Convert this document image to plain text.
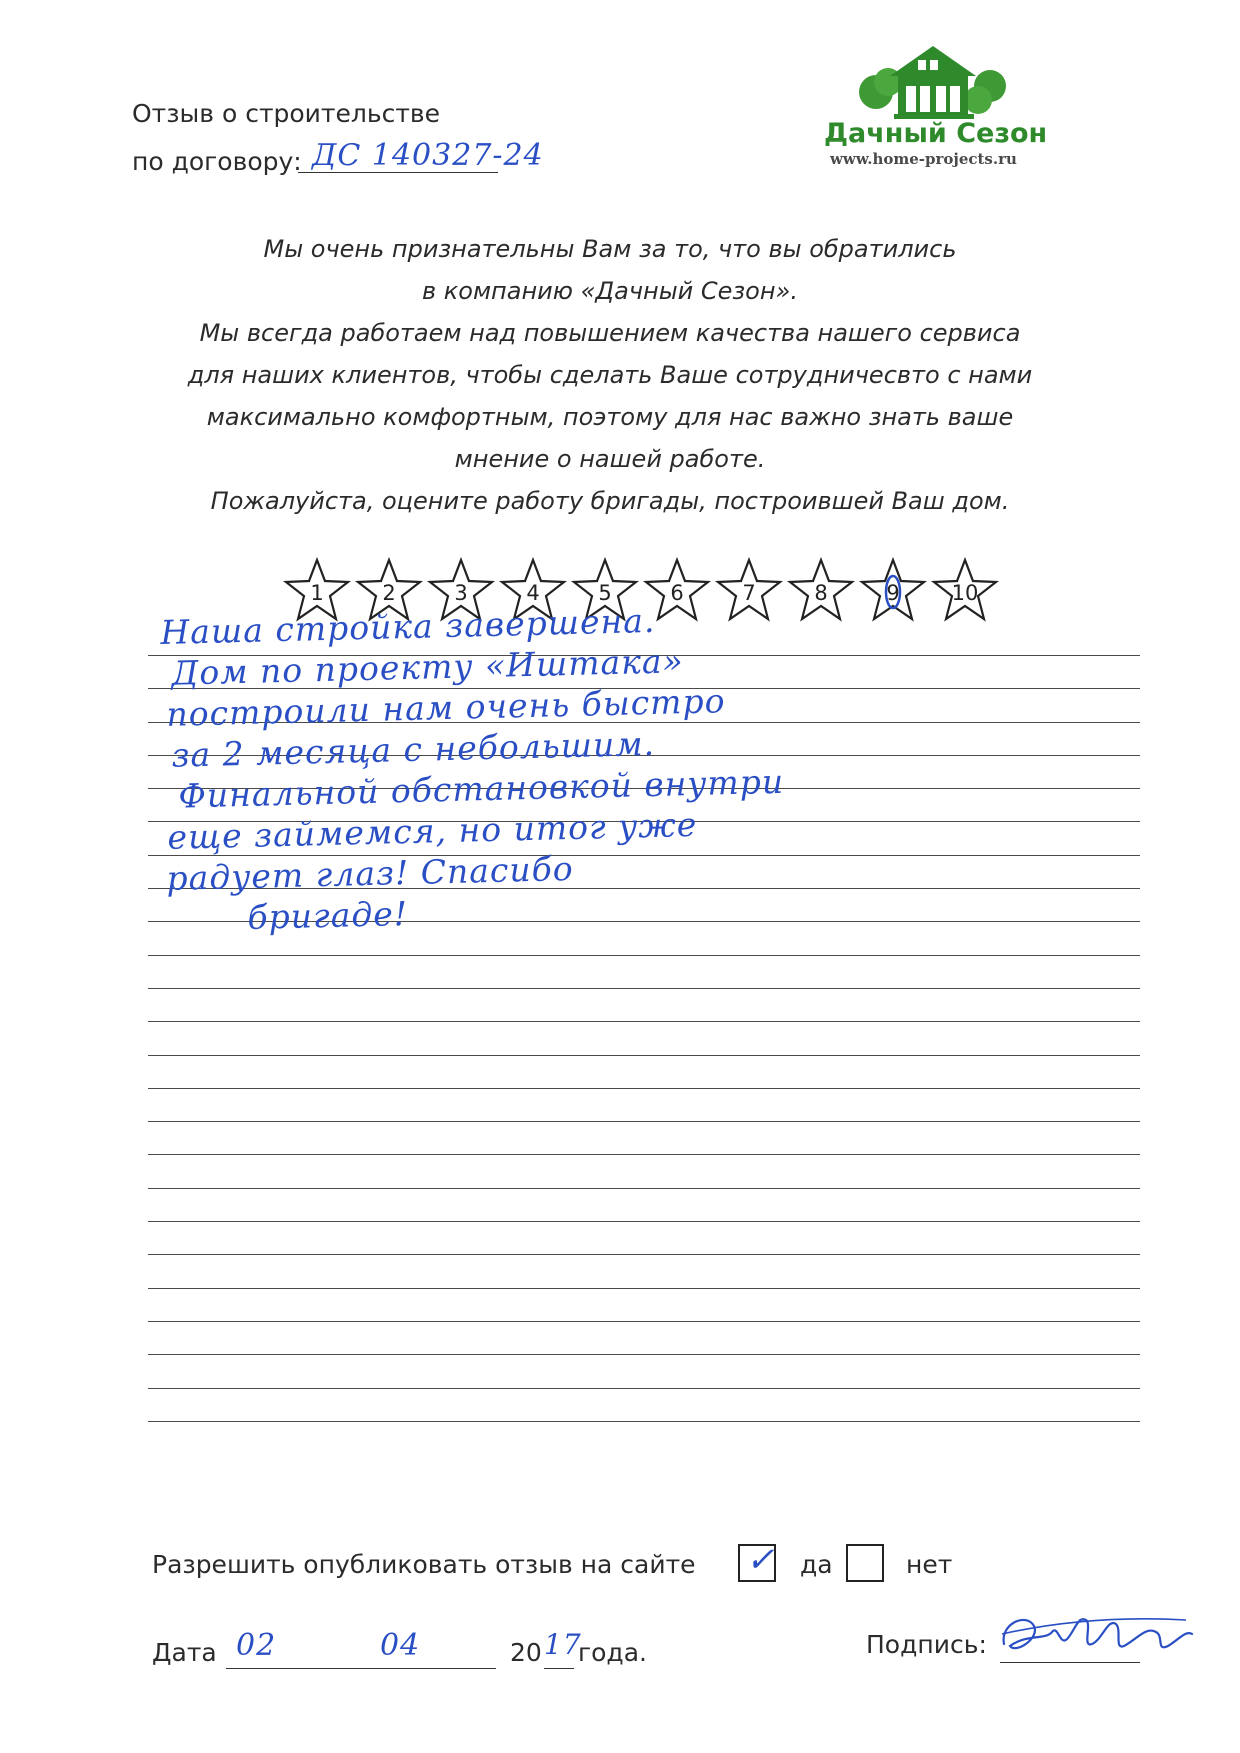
Отзыв о строительстве
по договору: ДС 140327-24
Дачный Сезон
www.home-projects.ru

Мы очень признательны Вам за то, что вы обратились

в компанию «Дачный Сезон».

Мы всегда работаем над повышением качества нашего сервиса

для наших клиентов, чтобы сделать Ваше сотрудничесвто с нами

максимально комфортным, поэтому для нас важно знать ваше

мнение о нашей работе.

Пожалуйста, оцените работу бригады, построившей Ваш дом.

1	2	3	4	5	6	7	8	9	10
Наша стройка завершена.
Дом по проекту «Иштака»
построили нам очень быстро
за 2 месяца с небольшим.
Финальной обстановкой внутри
еще займемся, но итог уже
радует глаз! Спасибо
бригаде!
Разрешить опубликовать отзыв на сайте ✓ да	нет
Дата 02	04	20 17
года.	Подпись:
